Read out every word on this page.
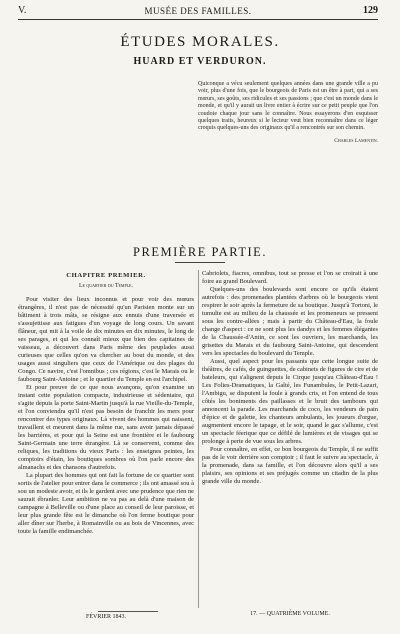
V.	MUSÉE DES FAMILLES.	129
ÉTUDES MORALES.
HUARD ET VERDURON.
Quiconque a vécu seulement quelques années dans une grande ville a pu voir, plus d'une fois, que le bourgeois de Paris est un être à part, qui a ses mœurs, ses goûts, ses ridicules et ses passions ; que c'est un monde dans le monde, et qu'il y aurait un livre entier à écrire sur ce petit peuple que l'on coudoie chaque jour sans le connaître. Nous essayerons d'en esquisser quelques traits, heureux si le lecteur veut bien reconnaître dans ce léger croquis quelques-uns des originaux qu'il a rencontrés sur son chemin.
Charles Lamentin.
PREMIÈRE PARTIE.
CHAPITRE PREMIER.
Le quartier du Temple.

Pour visiter des lieux inconnus et pour voir des mœurs étrangères, il n'est pas de nécessité qu'un Parisien monte sur un bâtiment à trois mâts, se résigne aux ennuis d'une traversée et s'assujettisse aux fatigues d'un voyage de long cours. Un savant flâneur, qui mit à la voile de dix minutes en dix minutes, le long de ses parages, et qui les connaît mieux que bien des capitaines de vaisseau, a découvert dans Paris même des peuplades aussi curieuses que celles qu'on va chercher au bout du monde, et des usages aussi singuliers que ceux de l'Amérique ou des plages du Congo. Ce navire, c'est l'omnibus ; ces régions, c'est le Marais ou le faubourg Saint-Antoine ; et le quartier du Temple en est l'archipel.

Et pour preuve de ce que nous avançons, qu'on examine un instant cette population compacte, industrieuse et sédentaire, qui s'agite depuis la porte Saint-Martin jusqu'à la rue Vieille-du-Temple, et l'on conviendra qu'il n'est pas besoin de franchir les mers pour rencontrer des types originaux. Là vivent des hommes qui naissent, travaillent et meurent dans la même rue, sans avoir jamais dépassé les barrières, et pour qui la Seine est une frontière et le faubourg Saint-Germain une terre étrangère. Là se conservent, comme des reliques, les traditions du vieux Paris : les enseignes peintes, les comptoirs d'étain, les boutiques sombres où l'on parle encore des almanachs et des chansons d'autrefois.

La plupart des hommes qui ont fait la fortune de ce quartier sont sortis de l'atelier pour entrer dans le commerce ; ils ont amassé sou à sou un modeste avoir, et ils le gardent avec une prudence que rien ne saurait ébranler. Leur ambition ne va pas au delà d'une maison de campagne à Belleville ou d'une place au conseil de leur paroisse, et leur plus grande fête est le dimanche où l'on ferme boutique pour aller dîner sur l'herbe, à Romainville ou au bois de Vincennes, avec toute la famille endimanchée.

Cabriolets, fiacres, omnibus, tout se presse et l'on se croirait à une foire au grand Boulevard.

Quelques-uns des boulevards sont encore ce qu'ils étaient autrefois : des promenades plantées d'arbres où le bourgeois vient respirer le soir après la fermeture de sa boutique. Jusqu'à Tortoni, le tumulte est au milieu de la chaussée et les promeneurs se pressent sous les contre-allées ; mais à partir du Château-d'Eau, la foule change d'aspect : ce ne sont plus les dandys et les femmes élégantes de la Chaussée-d'Antin, ce sont les ouvriers, les marchands, les grisettes du Marais et du faubourg Saint-Antoine, qui descendent vers les spectacles du boulevard du Temple.

Aussi, quel aspect pour les passants que cette longue suite de théâtres, de cafés, de guinguettes, de cabinets de figures de cire et de bateleurs, qui s'alignent depuis le Cirque jusqu'au Château-d'Eau ! Les Folies-Dramatiques, la Gaîté, les Funambules, le Petit-Lazari, l'Ambigu, se disputent la foule à grands cris, et l'on entend de tous côtés les boniments des paillasses et le bruit des tambours qui annoncent la parade. Les marchands de coco, les vendeurs de pain d'épice et de galette, les chanteurs ambulants, les joueurs d'orgue, augmentent encore le tapage, et le soir, quand le gaz s'allume, c'est un spectacle féerique que ce défilé de lumières et de visages qui se prolonge à perte de vue sous les arbres.

Pour connaître, en effet, ce bon bourgeois du Temple, il ne suffit pas de le voir derrière son comptoir ; il faut le suivre au spectacle, à la promenade, dans sa famille, et l'on découvre alors qu'il a ses plaisirs, ses opinions et ses préjugés comme un citadin de la plus grande ville du monde.

FÉVRIER 1843.	17. — QUATRIÈME VOLUME.
